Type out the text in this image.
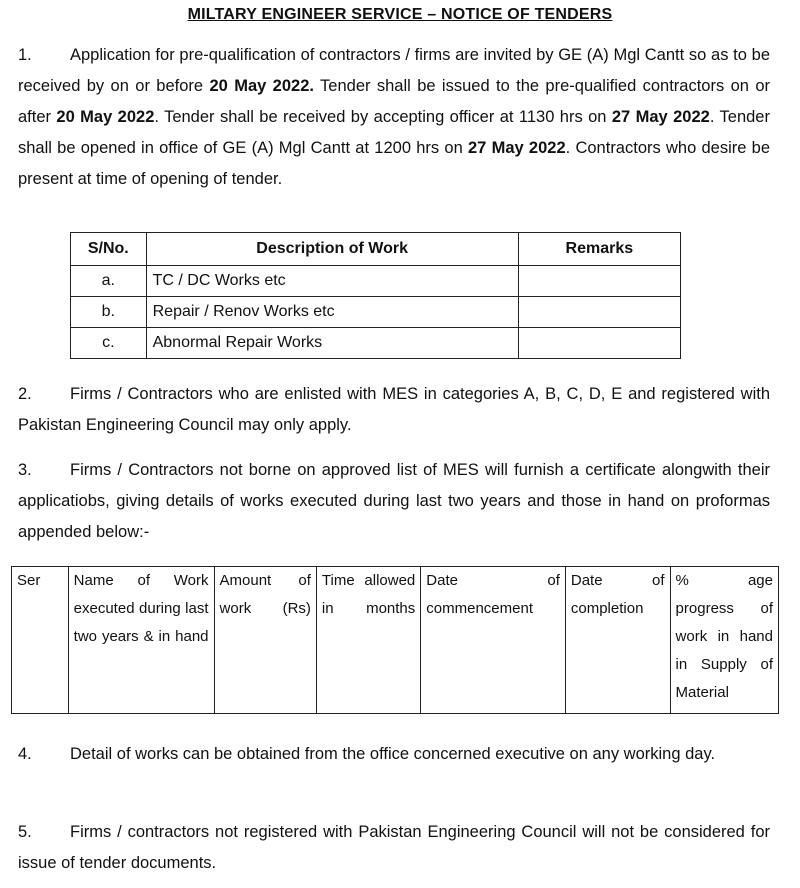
MILTARY ENGINEER SERVICE – NOTICE OF TENDERS
1. Application for pre-qualification of contractors / firms are invited by GE (A) Mgl Cantt so as to be received by on or before 20 May 2022. Tender shall be issued to the pre-qualified contractors on or after 20 May 2022. Tender shall be received by accepting officer at 1130 hrs on 27 May 2022. Tender shall be opened in office of GE (A) Mgl Cantt at 1200 hrs on 27 May 2022. Contractors who desire be present at time of opening of tender.
S/No.	Description of Work	Remarks
a.	TC / DC Works etc	
b.	Repair / Renov Works etc	
c.	Abnormal Repair Works	
2. Firms / Contractors who are enlisted with MES in categories A, B, C, D, E and registered with Pakistan Engineering Council may only apply.
3. Firms / Contractors not borne on approved list of MES will furnish a certificate alongwith their applicatiobs, giving details of works executed during last two years and those in hand on proformas appended below:-
Ser	Name of Work executed during last two years & in hand	Amount of work (Rs)	Time allowed in months	Date of commencement	Date of completion	% age progress of work in hand in Supply of Material
4. Detail of works can be obtained from the office concerned executive on any working day.
5. Firms / contractors not registered with Pakistan Engineering Council will not be considered for issue of tender documents.
